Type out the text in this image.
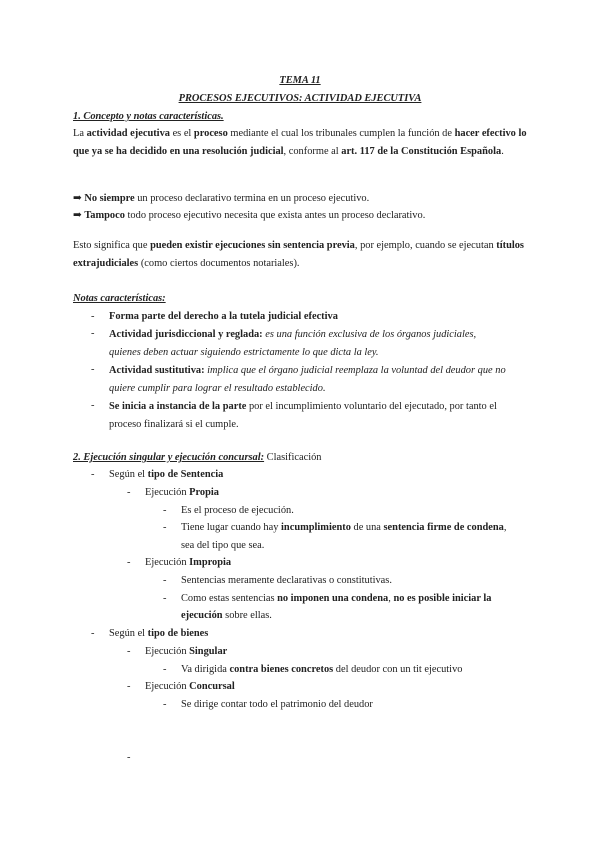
TEMA 11
PROCESOS EJECUTIVOS: ACTIVIDAD EJECUTIVA
1. Concepto y notas características.
La actividad ejecutiva es el proceso mediante el cual los tribunales cumplen la función de hacer efectivo lo que ya se ha decidido en una resolución judicial, conforme al art. 117 de la Constitución Española.
➡ No siempre un proceso declarativo termina en un proceso ejecutivo.
➡ Tampoco todo proceso ejecutivo necesita que exista antes un proceso declarativo.
Esto significa que pueden existir ejecuciones sin sentencia previa, por ejemplo, cuando se ejecutan títulos extrajudiciales (como ciertos documentos notariales).
Notas características:
-	Forma parte del derecho a la tutela judicial efectiva
-	Actividad jurisdiccional y reglada: es una función exclusiva de los órganos judiciales, quienes deben actuar siguiendo estrictamente lo que dicta la ley.
-	Actividad sustitutiva: implica que el órgano judicial reemplaza la voluntad del deudor que no quiere cumplir para lograr el resultado establecido.
-	Se inicia a instancia de la parte por el incumplimiento voluntario del ejecutado, por tanto el proceso finalizará si el cumple.
2. Ejecución singular y ejecución concursal: Clasificación
-	Según el tipo de Sentencia
-	Ejecución Propia
-	Es el proceso de ejecución.
-	Tiene lugar cuando hay incumplimiento de una sentencia firme de condena,
sea del tipo que sea.
-	Ejecución Impropia
-	Sentencias meramente declarativas o constitutivas.
-	Como estas sentencias no imponen una condena, no es posible iniciar la
ejecución sobre ellas.
-	Según el tipo de bienes
-	Ejecución Singular
-	Va dirigida contra bienes concretos del deudor con un tit ejecutivo
-	Ejecución Concursal
-	Se dirige contar todo el patrimonio del deudor
-
